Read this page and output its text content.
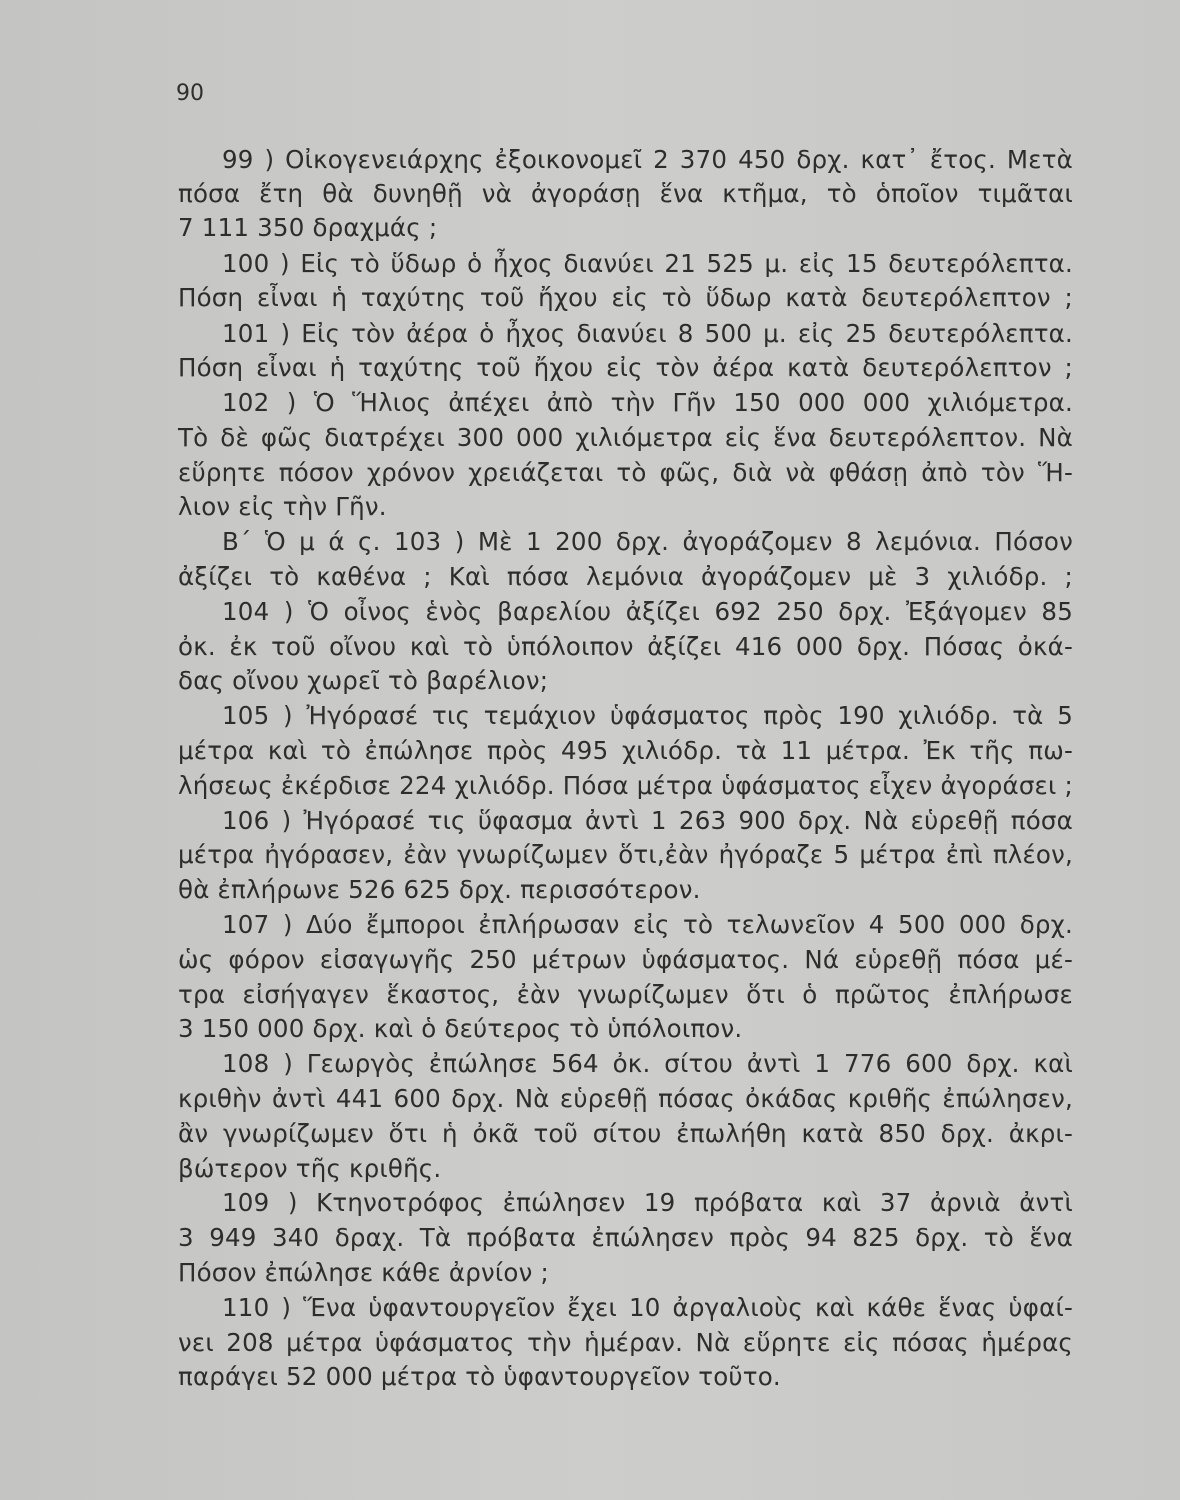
90
99 ) Οἰκογενειάρχης ἐξοικονομεῖ 2 370 450 δρχ. κατ᾽ ἔτος. Μετὰ
πόσα ἔτη θὰ δυνηθῇ νὰ ἀγοράσῃ ἕνα κτῆμα, τὸ ὁποῖον τιμᾶται
7 111 350 δραχμάς ;
100 ) Εἰς τὸ ὕδωρ ὁ ἦχος διανύει 21 525 μ. εἰς 15 δευτερόλεπτα.
Πόση εἶναι ἡ ταχύτης τοῦ ἤχου εἰς τὸ ὕδωρ κατὰ δευτερόλεπτον ;
101 ) Εἰς τὸν ἀέρα ὁ ἦχος διανύει 8 500 μ. εἰς 25 δευτερόλεπτα.
Πόση εἶναι ἡ ταχύτης τοῦ ἤχου εἰς τὸν ἀέρα κατὰ δευτερόλεπτον ;
102 ) Ὁ Ἥλιος ἀπέχει ἀπὸ τὴν Γῆν 150 000 000 χιλιόμετρα.
Τὸ δὲ φῶς διατρέχει 300 000 χιλιόμετρα εἰς ἕνα δευτερόλεπτον. Νὰ
εὕρητε πόσον χρόνον χρειάζεται τὸ φῶς, διὰ νὰ φθάσῃ ἀπὸ τὸν Ἥ-
λιον εἰς τὴν Γῆν.
Β΄ Ὁ μ ά ς. 103 ) Μὲ 1 200 δρχ. ἀγοράζομεν 8 λεμόνια. Πόσον
ἀξίζει τὸ καθένα ; Καὶ πόσα λεμόνια ἀγοράζομεν μὲ 3 χιλιόδρ. ;
104 ) Ὁ οἶνος ἑνὸς βαρελίου ἀξίζει 692 250 δρχ. Ἐξάγομεν 85
ὀκ. ἐκ τοῦ οἴνου καὶ τὸ ὑπόλοιπον ἀξίζει 416 000 δρχ. Πόσας ὀκά-
δας οἴνου χωρεῖ τὸ βαρέλιον;
105 ) Ἠγόρασέ τις τεμάχιον ὑφάσματος πρὸς 190 χιλιόδρ. τὰ 5
μέτρα καὶ τὸ ἐπώλησε πρὸς 495 χιλιόδρ. τὰ 11 μέτρα. Ἐκ τῆς πω-
λήσεως ἐκέρδισε 224 χιλιόδρ. Πόσα μέτρα ὑφάσματος εἶχεν ἀγοράσει ;
106 ) Ἠγόρασέ τις ὕφασμα ἀντὶ 1 263 900 δρχ. Νὰ εὑρεθῇ πόσα
μέτρα ἠγόρασεν, ἐὰν γνωρίζωμεν ὅτι,ἐὰν ἠγόραζε 5 μέτρα ἐπὶ πλέον,
θὰ ἐπλήρωνε 526 625 δρχ. περισσότερον.
107 ) Δύο ἔμποροι ἐπλήρωσαν εἰς τὸ τελωνεῖον 4 500 000 δρχ.
ὡς φόρον εἰσαγωγῆς 250 μέτρων ὑφάσματος. Νά εὑρεθῇ πόσα μέ-
τρα εἰσήγαγεν ἕκαστος, ἐὰν γνωρίζωμεν ὅτι ὁ πρῶτος ἐπλήρωσε
3 150 000 δρχ. καὶ ὁ δεύτερος τὸ ὑπόλοιπον.
108 ) Γεωργὸς ἐπώλησε 564 ὀκ. σίτου ἀντὶ 1 776 600 δρχ. καὶ
κριθὴν ἀντὶ 441 600 δρχ. Νὰ εὑρεθῇ πόσας ὀκάδας κριθῆς ἐπώλησεν,
ἂν γνωρίζωμεν ὅτι ἡ ὀκᾶ τοῦ σίτου ἐπωλήθη κατὰ 850 δρχ. ἀκρι-
βώτερον τῆς κριθῆς.
109 ) Κτηνοτρόφος ἐπώλησεν 19 πρόβατα καὶ 37 ἀρνιὰ ἀντὶ
3 949 340 δραχ. Τὰ πρόβατα ἐπώλησεν πρὸς 94 825 δρχ. τὸ ἕνα
Πόσον ἐπώλησε κάθε ἀρνίον ;
110 ) Ἕνα ὑφαντουργεῖον ἔχει 10 ἀργαλιοὺς καὶ κάθε ἕνας ὑφαί-
νει 208 μέτρα ὑφάσματος τὴν ἡμέραν. Νὰ εὕρητε εἰς πόσας ἡμέρας
παράγει 52 000 μέτρα τὸ ὑφαντουργεῖον τοῦτο.
